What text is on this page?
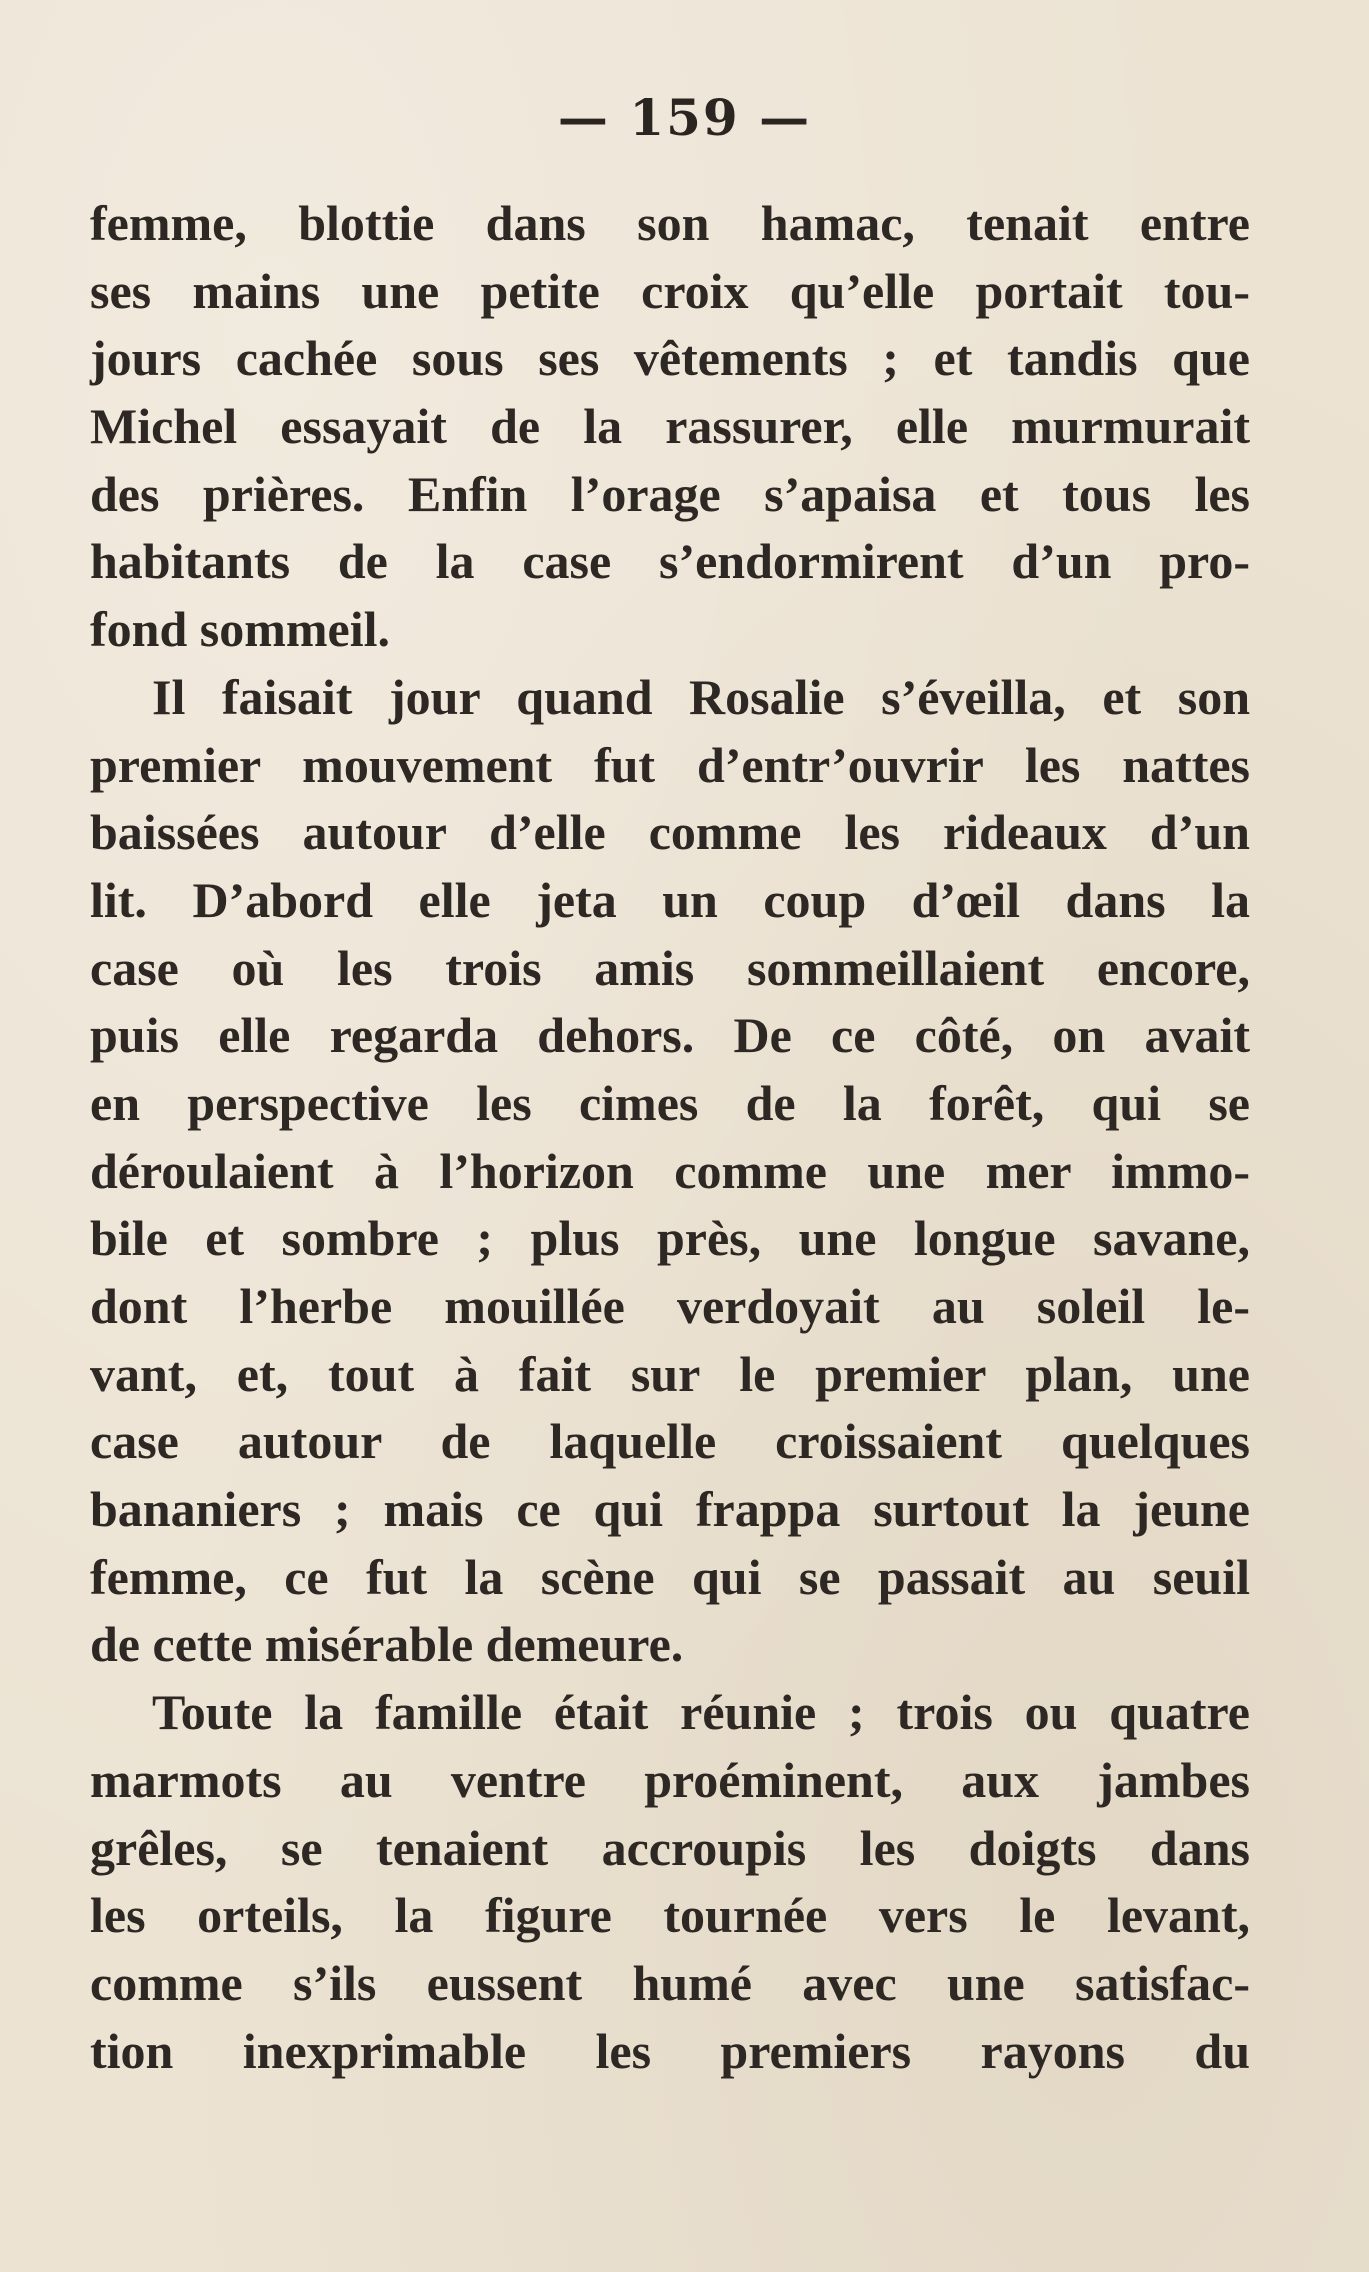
— 159 —
femme, blottie dans son hamac, tenait entre
ses mains une petite croix qu’elle portait tou-
jours cachée sous ses vêtements ; et tandis que
Michel essayait de la rassurer, elle murmurait
des prières. Enfin l’orage s’apaisa et tous les
habitants de la case s’endormirent d’un pro-
fond sommeil.
Il faisait jour quand Rosalie s’éveilla, et son
premier mouvement fut d’entr’ouvrir les nattes
baissées autour d’elle comme les rideaux d’un
lit. D’abord elle jeta un coup d’œil dans la
case où les trois amis sommeillaient encore,
puis elle regarda dehors. De ce côté, on avait
en perspective les cimes de la forêt, qui se
déroulaient à l’horizon comme une mer immo-
bile et sombre ; plus près, une longue savane,
dont l’herbe mouillée verdoyait au soleil le-
vant, et, tout à fait sur le premier plan, une
case autour de laquelle croissaient quelques
bananiers ; mais ce qui frappa surtout la jeune
femme, ce fut la scène qui se passait au seuil
de cette misérable demeure.
Toute la famille était réunie ; trois ou quatre
marmots au ventre proéminent, aux jambes
grêles, se tenaient accroupis les doigts dans
les orteils, la figure tournée vers le levant,
comme s’ils eussent humé avec une satisfac-
tion inexprimable les premiers rayons du
